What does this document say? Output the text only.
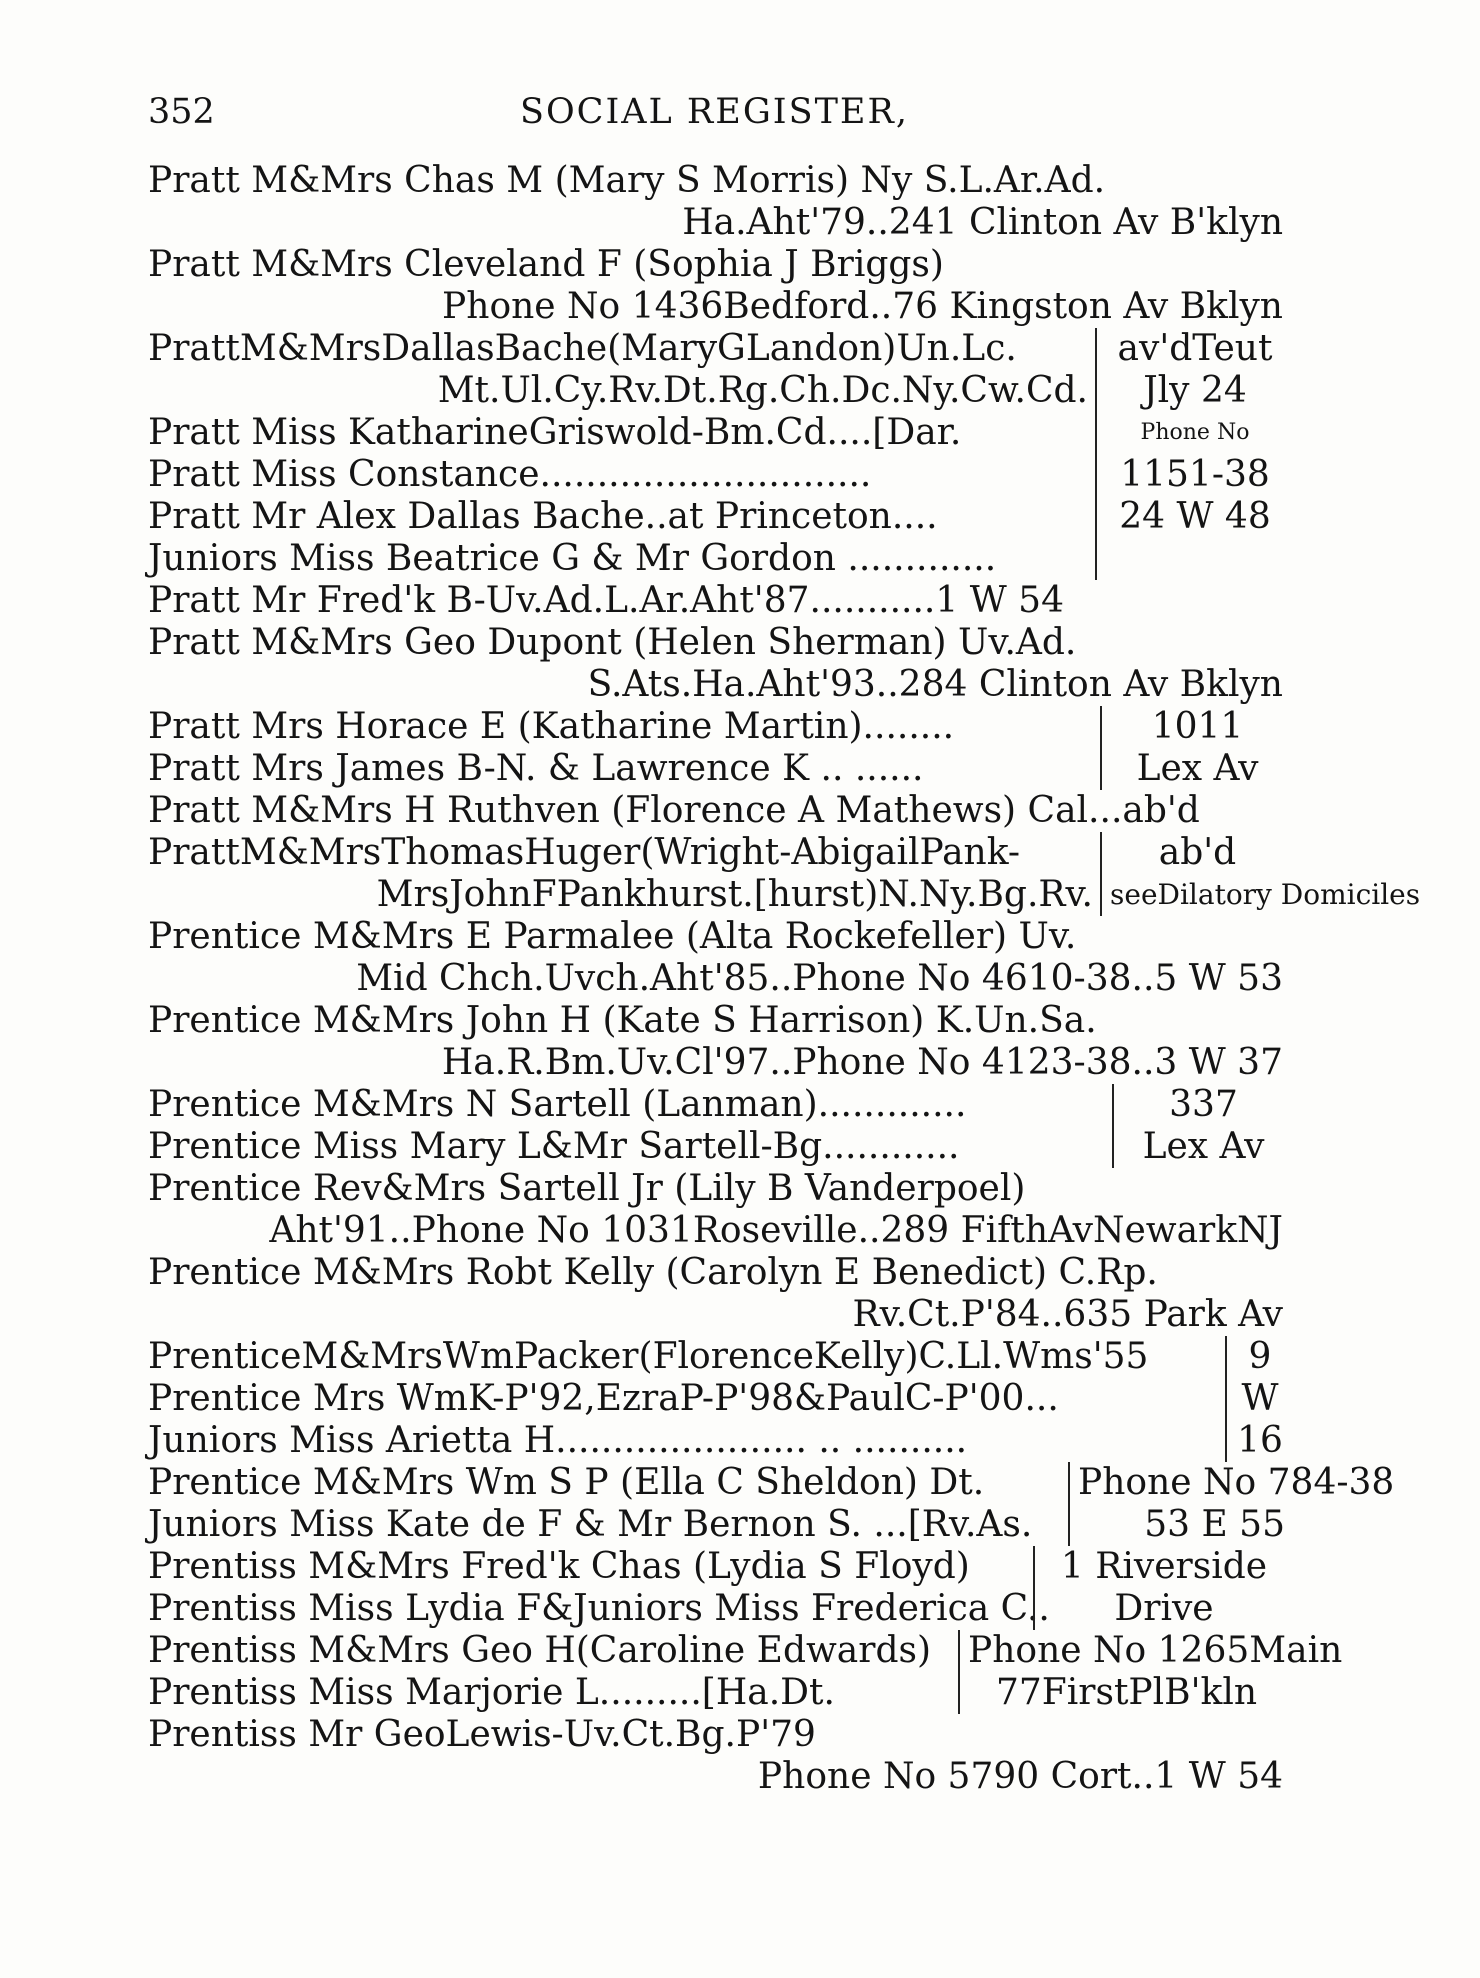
352	SOCIAL REGISTER,
Pratt M&Mrs Chas M (Mary S Morris) Ny S.L.Ar.Ad.
Ha.Aht'79..241 Clinton Av B'klyn
Pratt M&Mrs Cleveland F (Sophia J Briggs)
Phone No 1436Bedford..76 Kingston Av Bklyn
PrattM&MrsDallasBache(MaryGLandon)Un.Lc.
Mt.Ul.Cy.Rv.Dt.Rg.Ch.Dc.Ny.Cw.Cd.
Pratt Miss KatharineGriswold-Bm.Cd....[Dar.
Pratt Miss Constance.............................
Pratt Mr Alex Dallas Bache..at Princeton....
Juniors Miss Beatrice G & Mr Gordon .............
av'dTeut
Jly 24
Phone No
1151-38
24 W 48
Pratt Mr Fred'k B-Uv.Ad.L.Ar.Aht'87...........1 W 54
Pratt M&Mrs Geo Dupont (Helen Sherman) Uv.Ad.
S.Ats.Ha.Aht'93..284 Clinton Av Bklyn
Pratt Mrs Horace E (Katharine Martin)........
Pratt Mrs James B-N. & Lawrence K .. ......
1011
Lex Av
Pratt M&Mrs H Ruthven (Florence A Mathews) Cal...ab'd
PrattM&MrsThomasHuger(Wright-AbigailPank-
MrsJohnFPankhurst.[hurst)N.Ny.Bg.Rv.
ab'd
seeDilatory Domiciles
Prentice M&Mrs E Parmalee (Alta Rockefeller) Uv.
Mid Chch.Uvch.Aht'85..Phone No 4610-38..5 W 53
Prentice M&Mrs John H (Kate S Harrison) K.Un.Sa.
Ha.R.Bm.Uv.Cl'97..Phone No 4123-38..3 W 37
Prentice M&Mrs N Sartell (Lanman).............
Prentice Miss Mary L&Mr Sartell-Bg............
337
Lex Av
Prentice Rev&Mrs Sartell Jr (Lily B Vanderpoel)
Aht'91..Phone No 1031Roseville..289 FifthAvNewarkNJ
Prentice M&Mrs Robt Kelly (Carolyn E Benedict) C.Rp.
Rv.Ct.P'84..635 Park Av
PrenticeM&MrsWmPacker(FlorenceKelly)C.Ll.Wms'55
Prentice Mrs WmK-P'92,EzraP-P'98&PaulC-P'00...
Juniors Miss Arietta H...................... .. ..........
9
W
16
Prentice M&Mrs Wm S P (Ella C Sheldon) Dt.
Juniors Miss Kate de F & Mr Bernon S. ...[Rv.As.
Phone No 784-38
53 E 55
Prentiss M&Mrs Fred'k Chas (Lydia S Floyd)
Prentiss Miss Lydia F&Juniors Miss Frederica C..
1 Riverside
Drive
Prentiss M&Mrs Geo H(Caroline Edwards)
Prentiss Miss Marjorie L.........[Ha.Dt.
Phone No 1265Main
77FirstPlB'kln
Prentiss Mr GeoLewis-Uv.Ct.Bg.P'79
Phone No 5790 Cort..1 W 54
